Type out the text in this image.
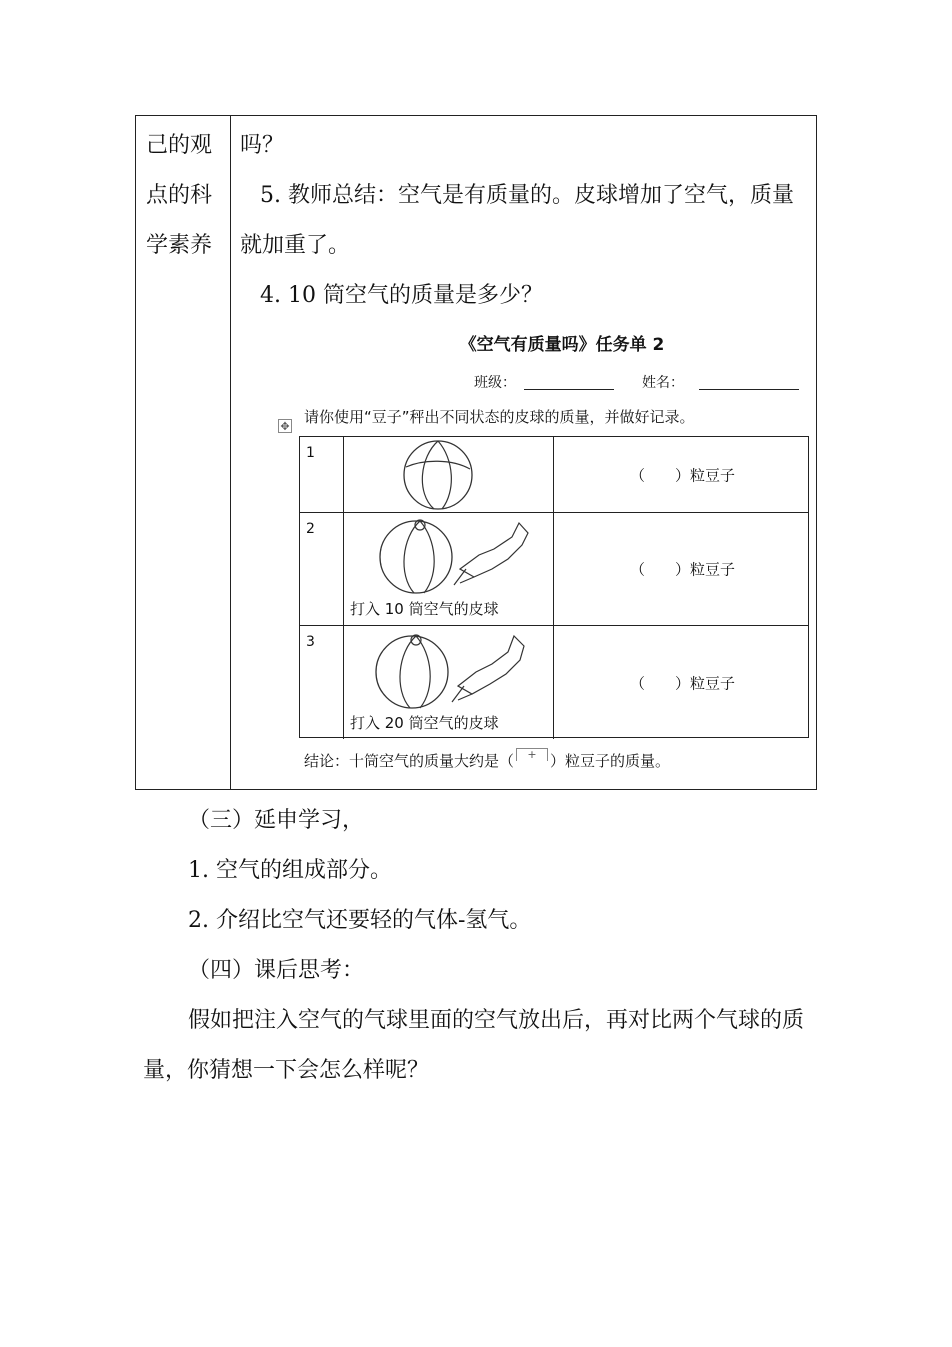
己的观
点的科
学素养
吗？
5. 教师总结：空气是有质量的。皮球增加了空气，质量
就加重了。
4. 10 筒空气的质量是多少？
《空气有质量吗》任务单 2
班级：	姓名：
✥
请你使用“豆子”秤出不同状态的皮球的质量，并做好记录。
1
（　　）粒豆子
2
打入 10 筒空气的皮球
（　　）粒豆子
3
打入 20 筒空气的皮球
（　　）粒豆子
结论：十筒空气的质量大约是（ + ）粒豆子的质量。
（三）延申学习，
1. 空气的组成部分。
2. 介绍比空气还要轻的气体-氢气。
（四）课后思考：
假如把注入空气的气球里面的空气放出后，再对比两个气球的质
量，你猜想一下会怎么样呢？
